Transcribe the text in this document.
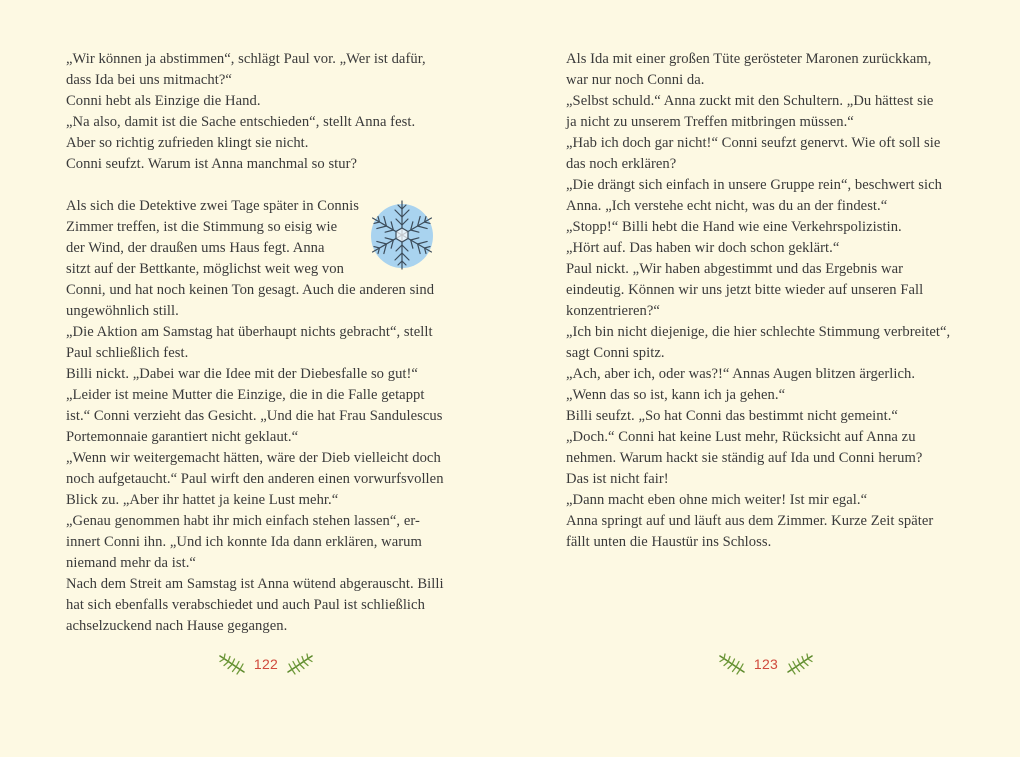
„Wir können ja abstimmen“, schlägt Paul vor. „Wer ist dafür,
dass Ida bei uns mitmacht?“
Conni hebt als Einzige die Hand.
„Na also, damit ist die Sache entschieden“, stellt Anna fest.
Aber so richtig zufrieden klingt sie nicht.
Conni seufzt. Warum ist Anna manchmal so stur?
Als sich die Detektive zwei Tage später in Connis
Zimmer treffen, ist die Stimmung so eisig wie
der Wind, der draußen ums Haus fegt. Anna
sitzt auf der Bettkante, möglichst weit weg von
Conni, und hat noch keinen Ton gesagt. Auch die anderen sind
ungewöhnlich still.
„Die Aktion am Samstag hat überhaupt nichts gebracht“, stellt
Paul schließlich fest.
Billi nickt. „Dabei war die Idee mit der Diebesfalle so gut!“
„Leider ist meine Mutter die Einzige, die in die Falle getappt
ist.“ Conni verzieht das Gesicht. „Und die hat Frau Sandulescus
Portemonnaie garantiert nicht geklaut.“
„Wenn wir weitergemacht hätten, wäre der Dieb vielleicht doch
noch aufgetaucht.“ Paul wirft den anderen einen vorwurfsvollen
Blick zu. „Aber ihr hattet ja keine Lust mehr.“
„Genau genommen habt ihr mich einfach stehen lassen“, er-
innert Conni ihn. „Und ich konnte Ida dann erklären, warum
niemand mehr da ist.“
Nach dem Streit am Samstag ist Anna wütend abgerauscht. Billi
hat sich ebenfalls verabschiedet und auch Paul ist schließlich
achselzuckend nach Hause gegangen.
122
Als Ida mit einer großen Tüte gerösteter Maronen zurückkam,
war nur noch Conni da.
„Selbst schuld.“ Anna zuckt mit den Schultern. „Du hättest sie
ja nicht zu unserem Treffen mitbringen müssen.“
„Hab ich doch gar nicht!“ Conni seufzt genervt. Wie oft soll sie
das noch erklären?
„Die drängt sich einfach in unsere Gruppe rein“, beschwert sich
Anna. „Ich verstehe echt nicht, was du an der findest.“
„Stopp!“ Billi hebt die Hand wie eine Verkehrspolizistin.
„Hört auf. Das haben wir doch schon geklärt.“
Paul nickt. „Wir haben abgestimmt und das Ergebnis war
eindeutig. Können wir uns jetzt bitte wieder auf unseren Fall
konzentrieren?“
„Ich bin nicht diejenige, die hier schlechte Stimmung verbreitet“,
sagt Conni spitz.
„Ach, aber ich, oder was?!“ Annas Augen blitzen ärgerlich.
„Wenn das so ist, kann ich ja gehen.“
Billi seufzt. „So hat Conni das bestimmt nicht gemeint.“
„Doch.“ Conni hat keine Lust mehr, Rücksicht auf Anna zu
nehmen. Warum hackt sie ständig auf Ida und Conni herum?
Das ist nicht fair!
„Dann macht eben ohne mich weiter! Ist mir egal.“
Anna springt auf und läuft aus dem Zimmer. Kurze Zeit später
fällt unten die Haustür ins Schloss.
123
